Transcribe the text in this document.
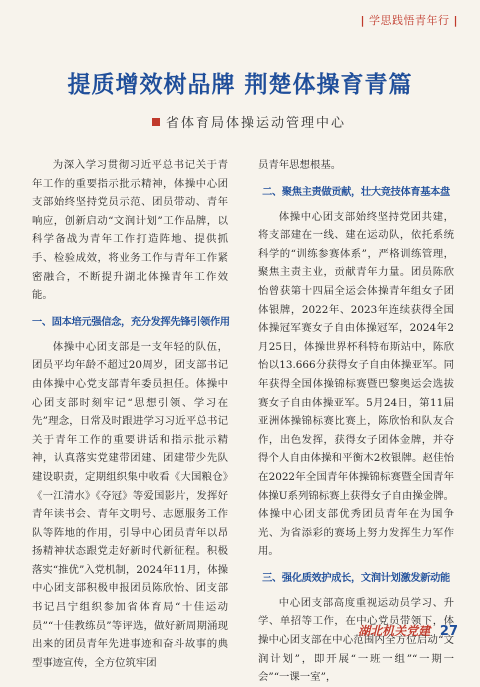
| 学思践悟青年行 |
提质增效树品牌 荆楚体操育青篇
省体育局体操运动管理中心

为深入学习贯彻习近平总书记关于青年工作的重要指示批示精神，体操中心团支部始终坚持党员示范、团员带动、青年响应，创新启动“文润计划”工作品牌，以科学备战为青年工作打造阵地、提供抓手、检验成效，将业务工作与青年工作紧密融合，不断提升湖北体操青年工作效能。

一、固本培元强信念，充分发挥先锋引领作用

体操中心团支部是一支年轻的队伍，团员平均年龄不超过20周岁，团支部书记由体操中心党支部青年委员担任。体操中心团支部时刻牢记“思想引领、学习在先”理念，日常及时跟进学习习近平总书记关于青年工作的重要讲话和指示批示精神，认真落实党建带团建、团建带少先队建设职责，定期组织集中收看《大国粮仓》《一江清水》《夺冠》等爱国影片，发挥好青年读书会、青年文明号、志愿服务工作队等阵地的作用，引导中心团员青年以昂扬精神状态跟党走好新时代新征程。积极落实“推优”入党机制，2024年11月，体操中心团支部积极申报团员陈欣怡、团支部书记吕宁组织参加省体育局“十佳运动员”“十佳教练员”等评选，做好新周期涌现出来的团员青年先进事迹和奋斗故事的典型事迹宣传，全方位筑牢团

员青年思想根基。

二、聚焦主责做贡献，壮大竞技体育基本盘

体操中心团支部始终坚持党团共建，将支部建在一线、建在运动队，依托系统科学的“训练参赛体系”，严格训练管理，聚焦主责主业，贡献青年力量。团员陈欣怡曾获第十四届全运会体操青年组女子团体银牌，2022年、2023年连续获得全国体操冠军赛女子自由体操冠军，2024年2月25日，体操世界杯科特布斯站中，陈欣怡以13.666分获得女子自由体操亚军。同年获得全国体操锦标赛暨巴黎奥运会选拔赛女子自由体操亚军。5月24日，第11届亚洲体操锦标赛比赛上，陈欣怡和队友合作，出色发挥，获得女子团体金牌，并夺得个人自由体操和平衡木2枚银牌。赵佳怡在2022年全国青年体操锦标赛暨全国青年体操U系列锦标赛上获得女子自由操金牌。体操中心团支部优秀团员青年在为国争光、为省添彩的赛场上努力发挥生力军作用。

三、强化质效护成长，文润计划激发新动能

中心团支部高度重视运动员学习、升学、单招等工作，在中心党员带领下，体操中心团支部在中心范围内全方位启动“文润计划”，即开展“一班一组”“一期一会”“一课一室”，

湖北机关党建 27
